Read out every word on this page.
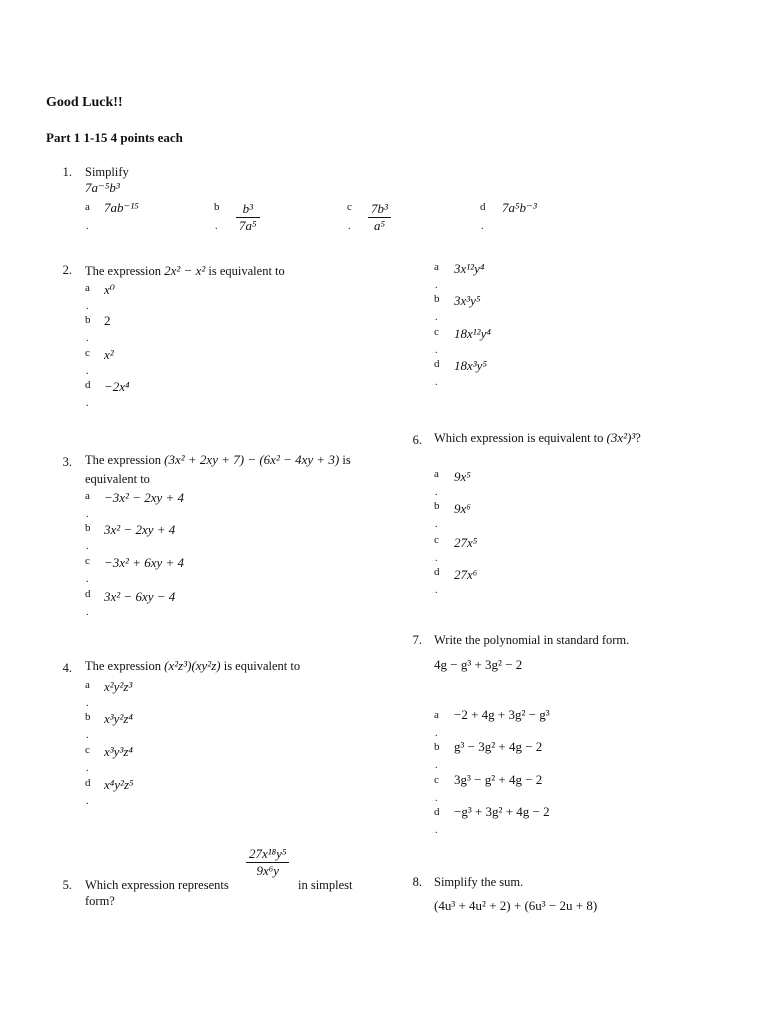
Good Luck!!
Part 1 1-15 4 points each
1. Simplify
7a⁻⁵b³
a
.
7ab⁻¹⁵	b
. $\frac{\text{b³}}{\text{7a⁵}}$	c
. $\frac{\text{7b³}}{\text{a⁵}}$	d
.
7a⁵b⁻³
2. The expression 2x² − x² is equivalent to
a
.
x⁰
b
.
2
c
.
x²
d
.
−2x⁴
a
.
3x¹²y⁴
b
.
3x³y⁵
c
.
18x¹²y⁴
d
.
18x³y⁵
3. The expression (3x² + 2xy + 7) − (6x² − 4xy + 3) is
equivalent to
a
.
−3x² − 2xy + 4
b
.
3x² − 2xy + 4
c
.
−3x² + 6xy + 4
d
.
3x² − 6xy − 4
4. The expression (x²z³)(xy²z) is equivalent to
a
.
x²y²z³
b
.
x³y²z⁴
c
.
x³y³z⁴
d
.
x⁴y²z⁵
5. Which expression represents
$\frac{\text{27x¹⁸y⁵}}{\text{9x⁶y}}$
in simplest
form?
6. Which expression is equivalent to (3x²)³?
a
.
9x⁵
b
.
9x⁶
c
.
27x⁵
d
.
27x⁶
7. Write the polynomial in standard form.
4g − g³ + 3g² − 2
a
.
−2 + 4g + 3g² − g³
b
.
g³ − 3g² + 4g − 2
c
.
3g³ − g² + 4g − 2
d
.
−g³ + 3g² + 4g − 2
8. Simplify the sum.
(4u³ + 4u² + 2) + (6u³ − 2u + 8)
